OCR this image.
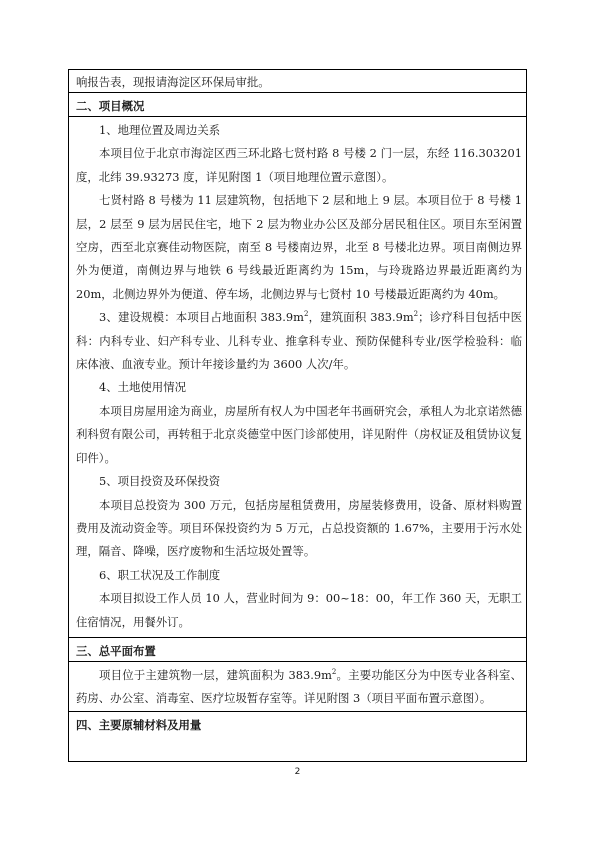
响报告表，现报请海淀区环保局审批。

二、项目概况

1、地理位置及周边关系

本项目位于北京市海淀区西三环北路七贤村路 8 号楼 2 门一层，东经 116.303201 度，北纬 39.93273 度，详见附图 1（项目地理位置示意图）。

七贤村路 8 号楼为 11 层建筑物，包括地下 2 层和地上 9 层。本项目位于 8 号楼 1 层，2 层至 9 层为居民住宅，地下 2 层为物业办公区及部分居民租住区。项目东至闲置空房，西至北京赛佳动物医院，南至 8 号楼南边界，北至 8 号楼北边界。项目南侧边界外为便道，南侧边界与地铁 6 号线最近距离约为 15m，与玲珑路边界最近距离约为 20m，北侧边界外为便道、停车场，北侧边界与七贤村 10 号楼最近距离约为 40m。

3、建设规模：本项目占地面积 $383.9m^2$，建筑面积 $383.9m^2$；诊疗科目包括中医科：内科专业、妇产科专业、儿科专业、推拿科专业、预防保健科专业/医学检验科：临床体液、血液专业。预计年接诊量约为 3600 人次/年。

4、土地使用情况

本项目房屋用途为商业，房屋所有权人为中国老年书画研究会，承租人为北京诺然德利科贸有限公司，再转租于北京炎德堂中医门诊部使用，详见附件（房权证及租赁协议复印件）。

5、项目投资及环保投资

本项目总投资为 300 万元，包括房屋租赁费用，房屋装修费用，设备、原材料购置费用及流动资金等。项目环保投资约为 5 万元，占总投资额的 1.67%，主要用于污水处理，隔音、降噪，医疗废物和生活垃圾处置等。

6、职工状况及工作制度

本项目拟设工作人员 10 人，营业时间为 9：00~18：00，年工作 360 天，无职工住宿情况，用餐外订。

三、总平面布置

项目位于主建筑物一层，建筑面积为 $383.9m^2$。主要功能区分为中医专业各科室、药房、办公室、消毒室、医疗垃圾暂存室等。详见附图 3（项目平面布置示意图）。

四、主要原辅材料及用量

2
